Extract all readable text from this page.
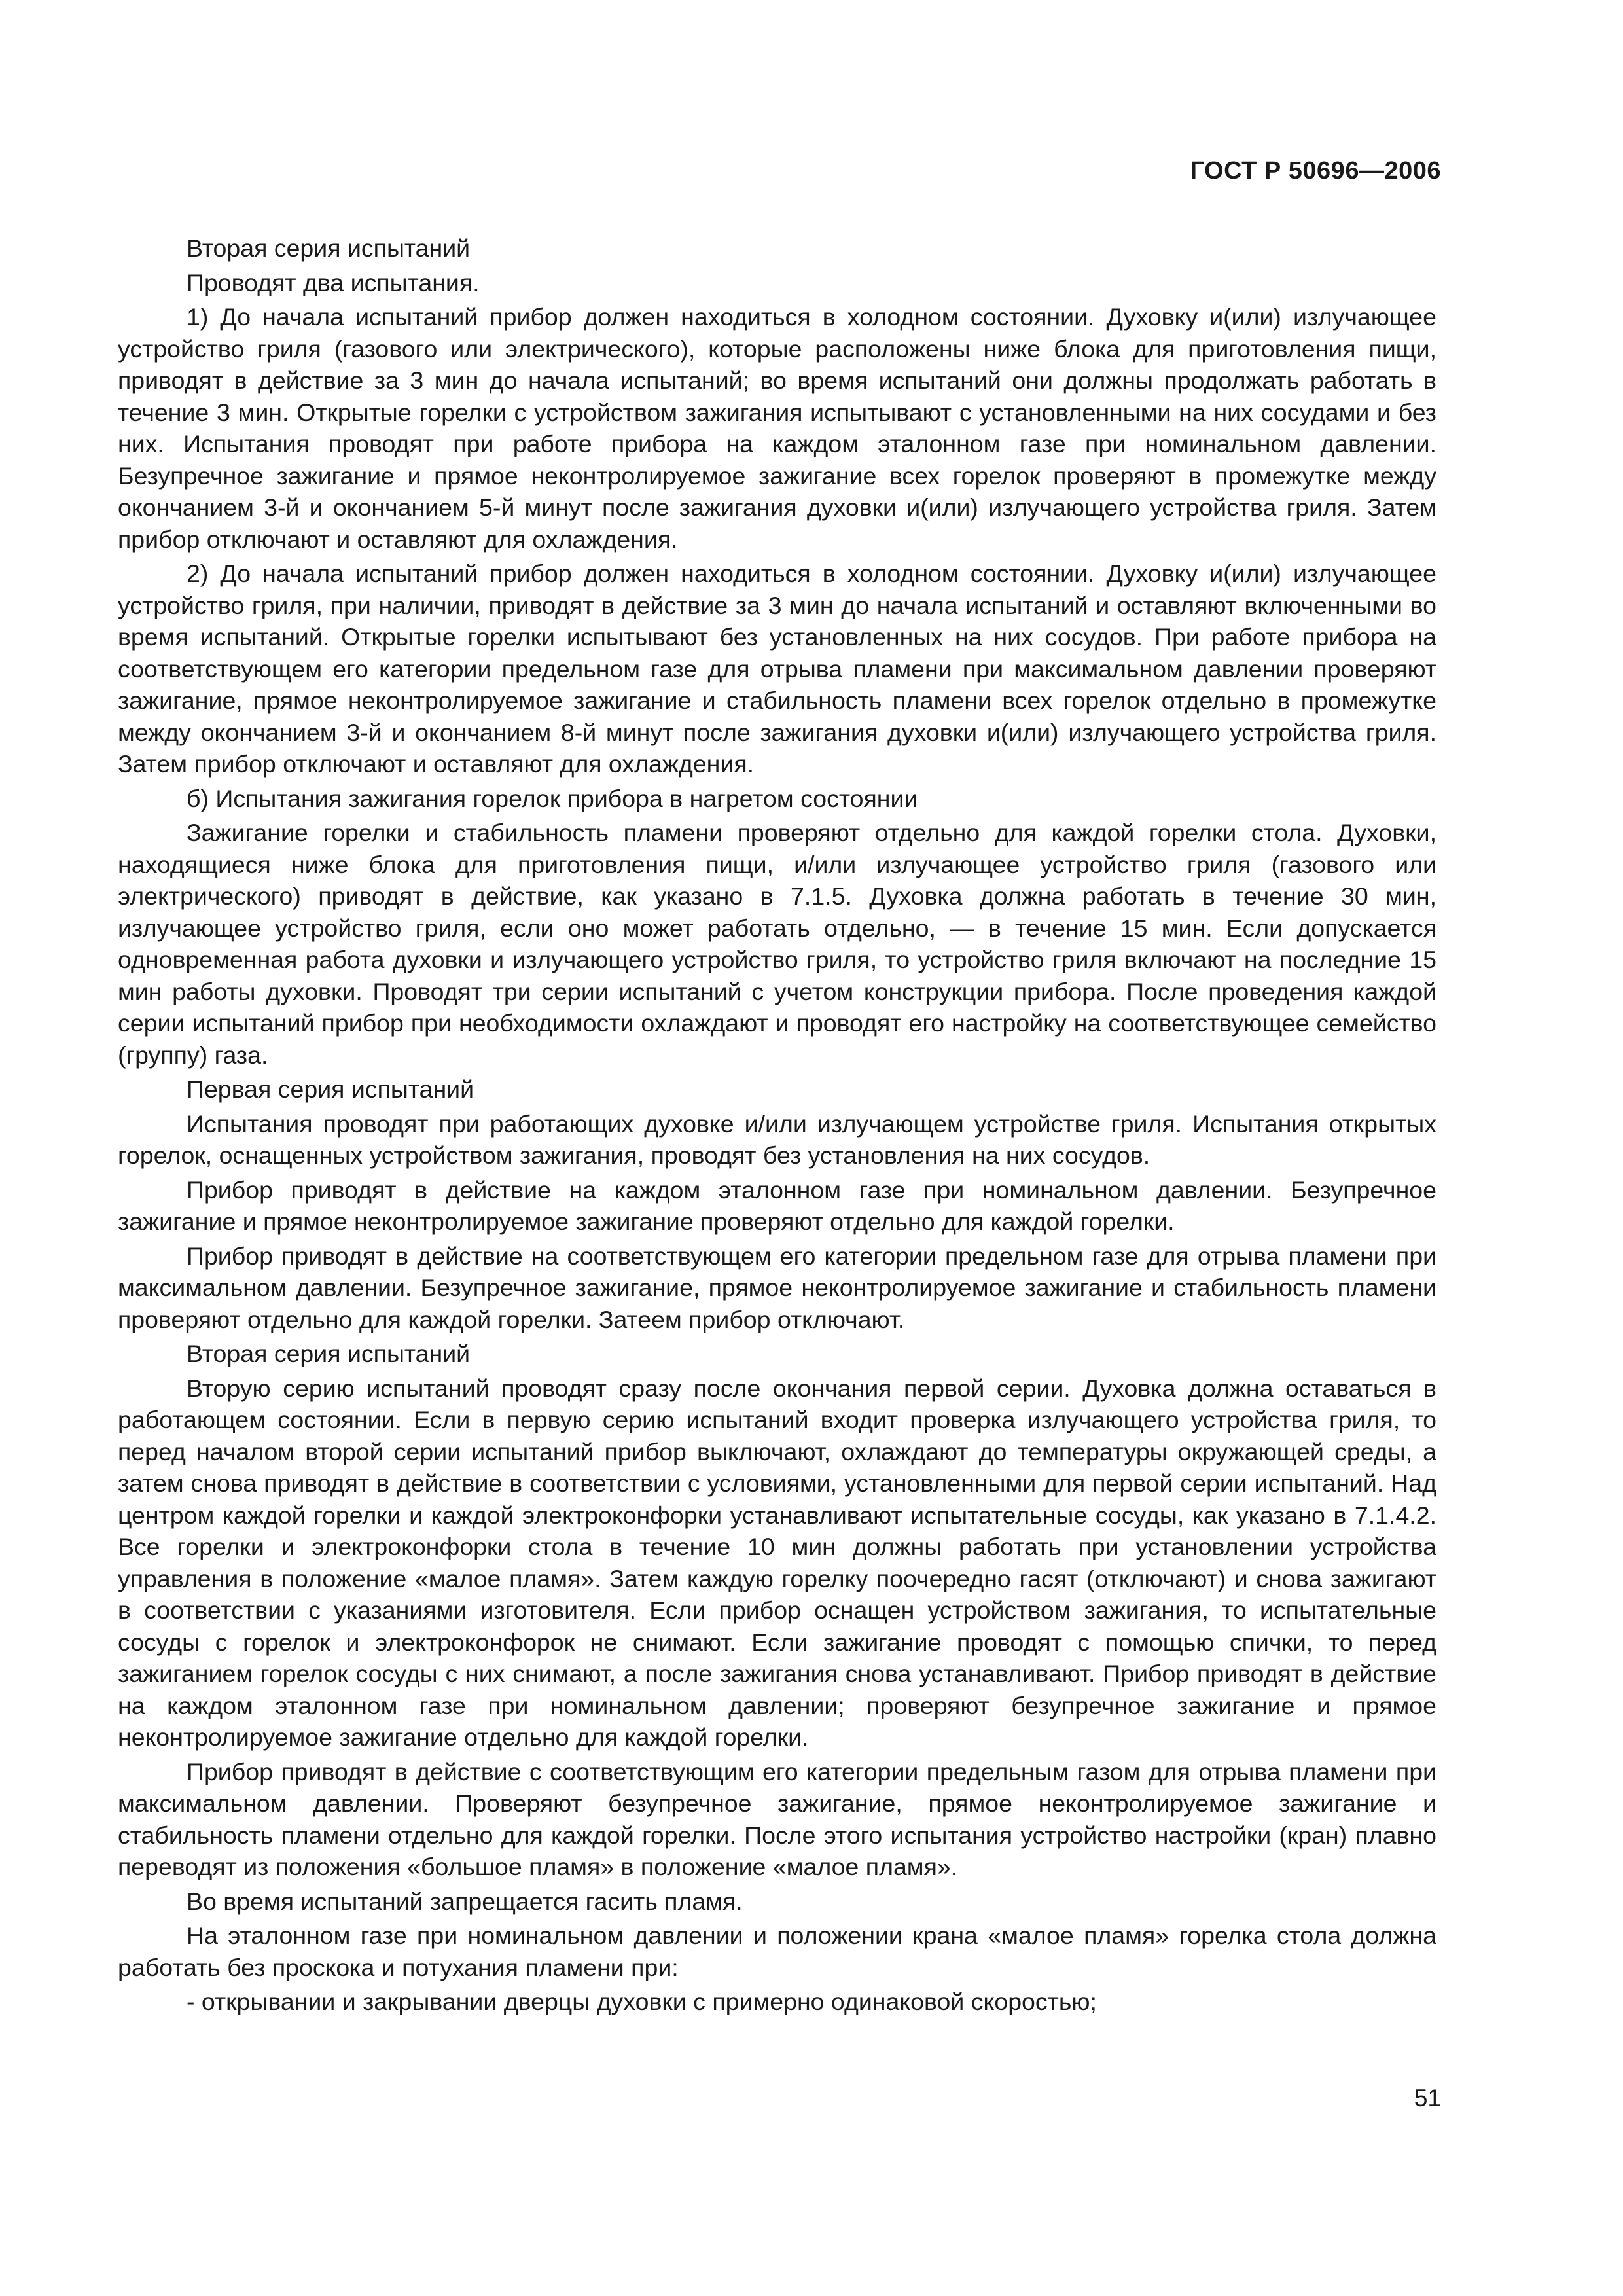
ГОСТ Р 50696—2006

Вторая серия испытаний

Проводят два испытания.

1) До начала испытаний прибор должен находиться в холодном состоянии. Духовку и(или) излучающее устройство гриля (газового или электрического), которые расположены ниже блока для приготовления пищи, приводят в действие за 3 мин до начала испытаний; во время испытаний они должны продолжать работать в течение 3 мин. Открытые горелки с устройством зажигания испытывают с установленными на них сосудами и без них. Испытания проводят при работе прибора на каждом эталонном газе при номинальном давлении. Безупречное зажигание и прямое неконтролируемое зажигание всех горелок проверяют в промежутке между окончанием 3-й и окончанием 5-й минут после зажигания духовки и(или) излучающего устройства гриля. Затем прибор отключают и оставляют для охлаждения.

2) До начала испытаний прибор должен находиться в холодном состоянии. Духовку и(или) излучающее устройство гриля, при наличии, приводят в действие за 3 мин до начала испытаний и оставляют включенными во время испытаний. Открытые горелки испытывают без установленных на них сосудов. При работе прибора на соответствующем его категории предельном газе для отрыва пламени при максимальном давлении проверяют зажигание, прямое неконтролируемое зажигание и стабильность пламени всех горелок отдельно в промежутке между окончанием 3-й и окончанием 8-й минут после зажигания духовки и(или) излучающего устройства гриля. Затем прибор отключают и оставляют для охлаждения.

б) Испытания зажигания горелок прибора в нагретом состоянии

Зажигание горелки и стабильность пламени проверяют отдельно для каждой горелки стола. Духовки, находящиеся ниже блока для приготовления пищи, и/или излучающее устройство гриля (газового или электрического) приводят в действие, как указано в 7.1.5. Духовка должна работать в течение 30 мин, излучающее устройство гриля, если оно может работать отдельно, — в течение 15 мин. Если допускается одновременная работа духовки и излучающего устройство гриля, то устройство гриля включают на последние 15 мин работы духовки. Проводят три серии испытаний с учетом конструкции прибора. После проведения каждой серии испытаний прибор при необходимости охлаждают и проводят его настройку на соответствующее семейство (группу) газа.

Первая серия испытаний

Испытания проводят при работающих духовке и/или излучающем устройстве гриля. Испытания открытых горелок, оснащенных устройством зажигания, проводят без установления на них сосудов.

Прибор приводят в действие на каждом эталонном газе при номинальном давлении. Безупречное зажигание и прямое неконтролируемое зажигание проверяют отдельно для каждой горелки.

Прибор приводят в действие на соответствующем его категории предельном газе для отрыва пламени при максимальном давлении. Безупречное зажигание, прямое неконтролируемое зажигание и стабильность пламени проверяют отдельно для каждой горелки. Затеем прибор отключают.

Вторая серия испытаний

Вторую серию испытаний проводят сразу после окончания первой серии. Духовка должна оставаться в работающем состоянии. Если в первую серию испытаний входит проверка излучающего устройства гриля, то перед началом второй серии испытаний прибор выключают, охлаждают до температуры окружающей среды, а затем снова приводят в действие в соответствии с условиями, установленными для первой серии испытаний. Над центром каждой горелки и каждой электроконфорки устанавливают испытательные сосуды, как указано в 7.1.4.2. Все горелки и электроконфорки стола в течение 10 мин должны работать при установлении устройства управления в положение «малое пламя». Затем каждую горелку поочередно гасят (отключают) и снова зажигают в соответствии с указаниями изготовителя. Если прибор оснащен устройством зажигания, то испытательные сосуды с горелок и электроконфорок не снимают. Если зажигание проводят с помощью спички, то перед зажиганием горелок сосуды с них снимают, а после зажигания снова устанавливают. Прибор приводят в действие на каждом эталонном газе при номинальном давлении; проверяют безупречное зажигание и прямое неконтролируемое зажигание отдельно для каждой горелки.

Прибор приводят в действие с соответствующим его категории предельным газом для отрыва пламени при максимальном давлении. Проверяют безупречное зажигание, прямое неконтролируемое зажигание и стабильность пламени отдельно для каждой горелки. После этого испытания устройство настройки (кран) плавно переводят из положения «большое пламя» в положение «малое пламя».

Во время испытаний запрещается гасить пламя.

На эталонном газе при номинальном давлении и положении крана «малое пламя» горелка стола должна работать без проскока и потухания пламени при:

- открывании и закрывании дверцы духовки с примерно одинаковой скоростью;

51
